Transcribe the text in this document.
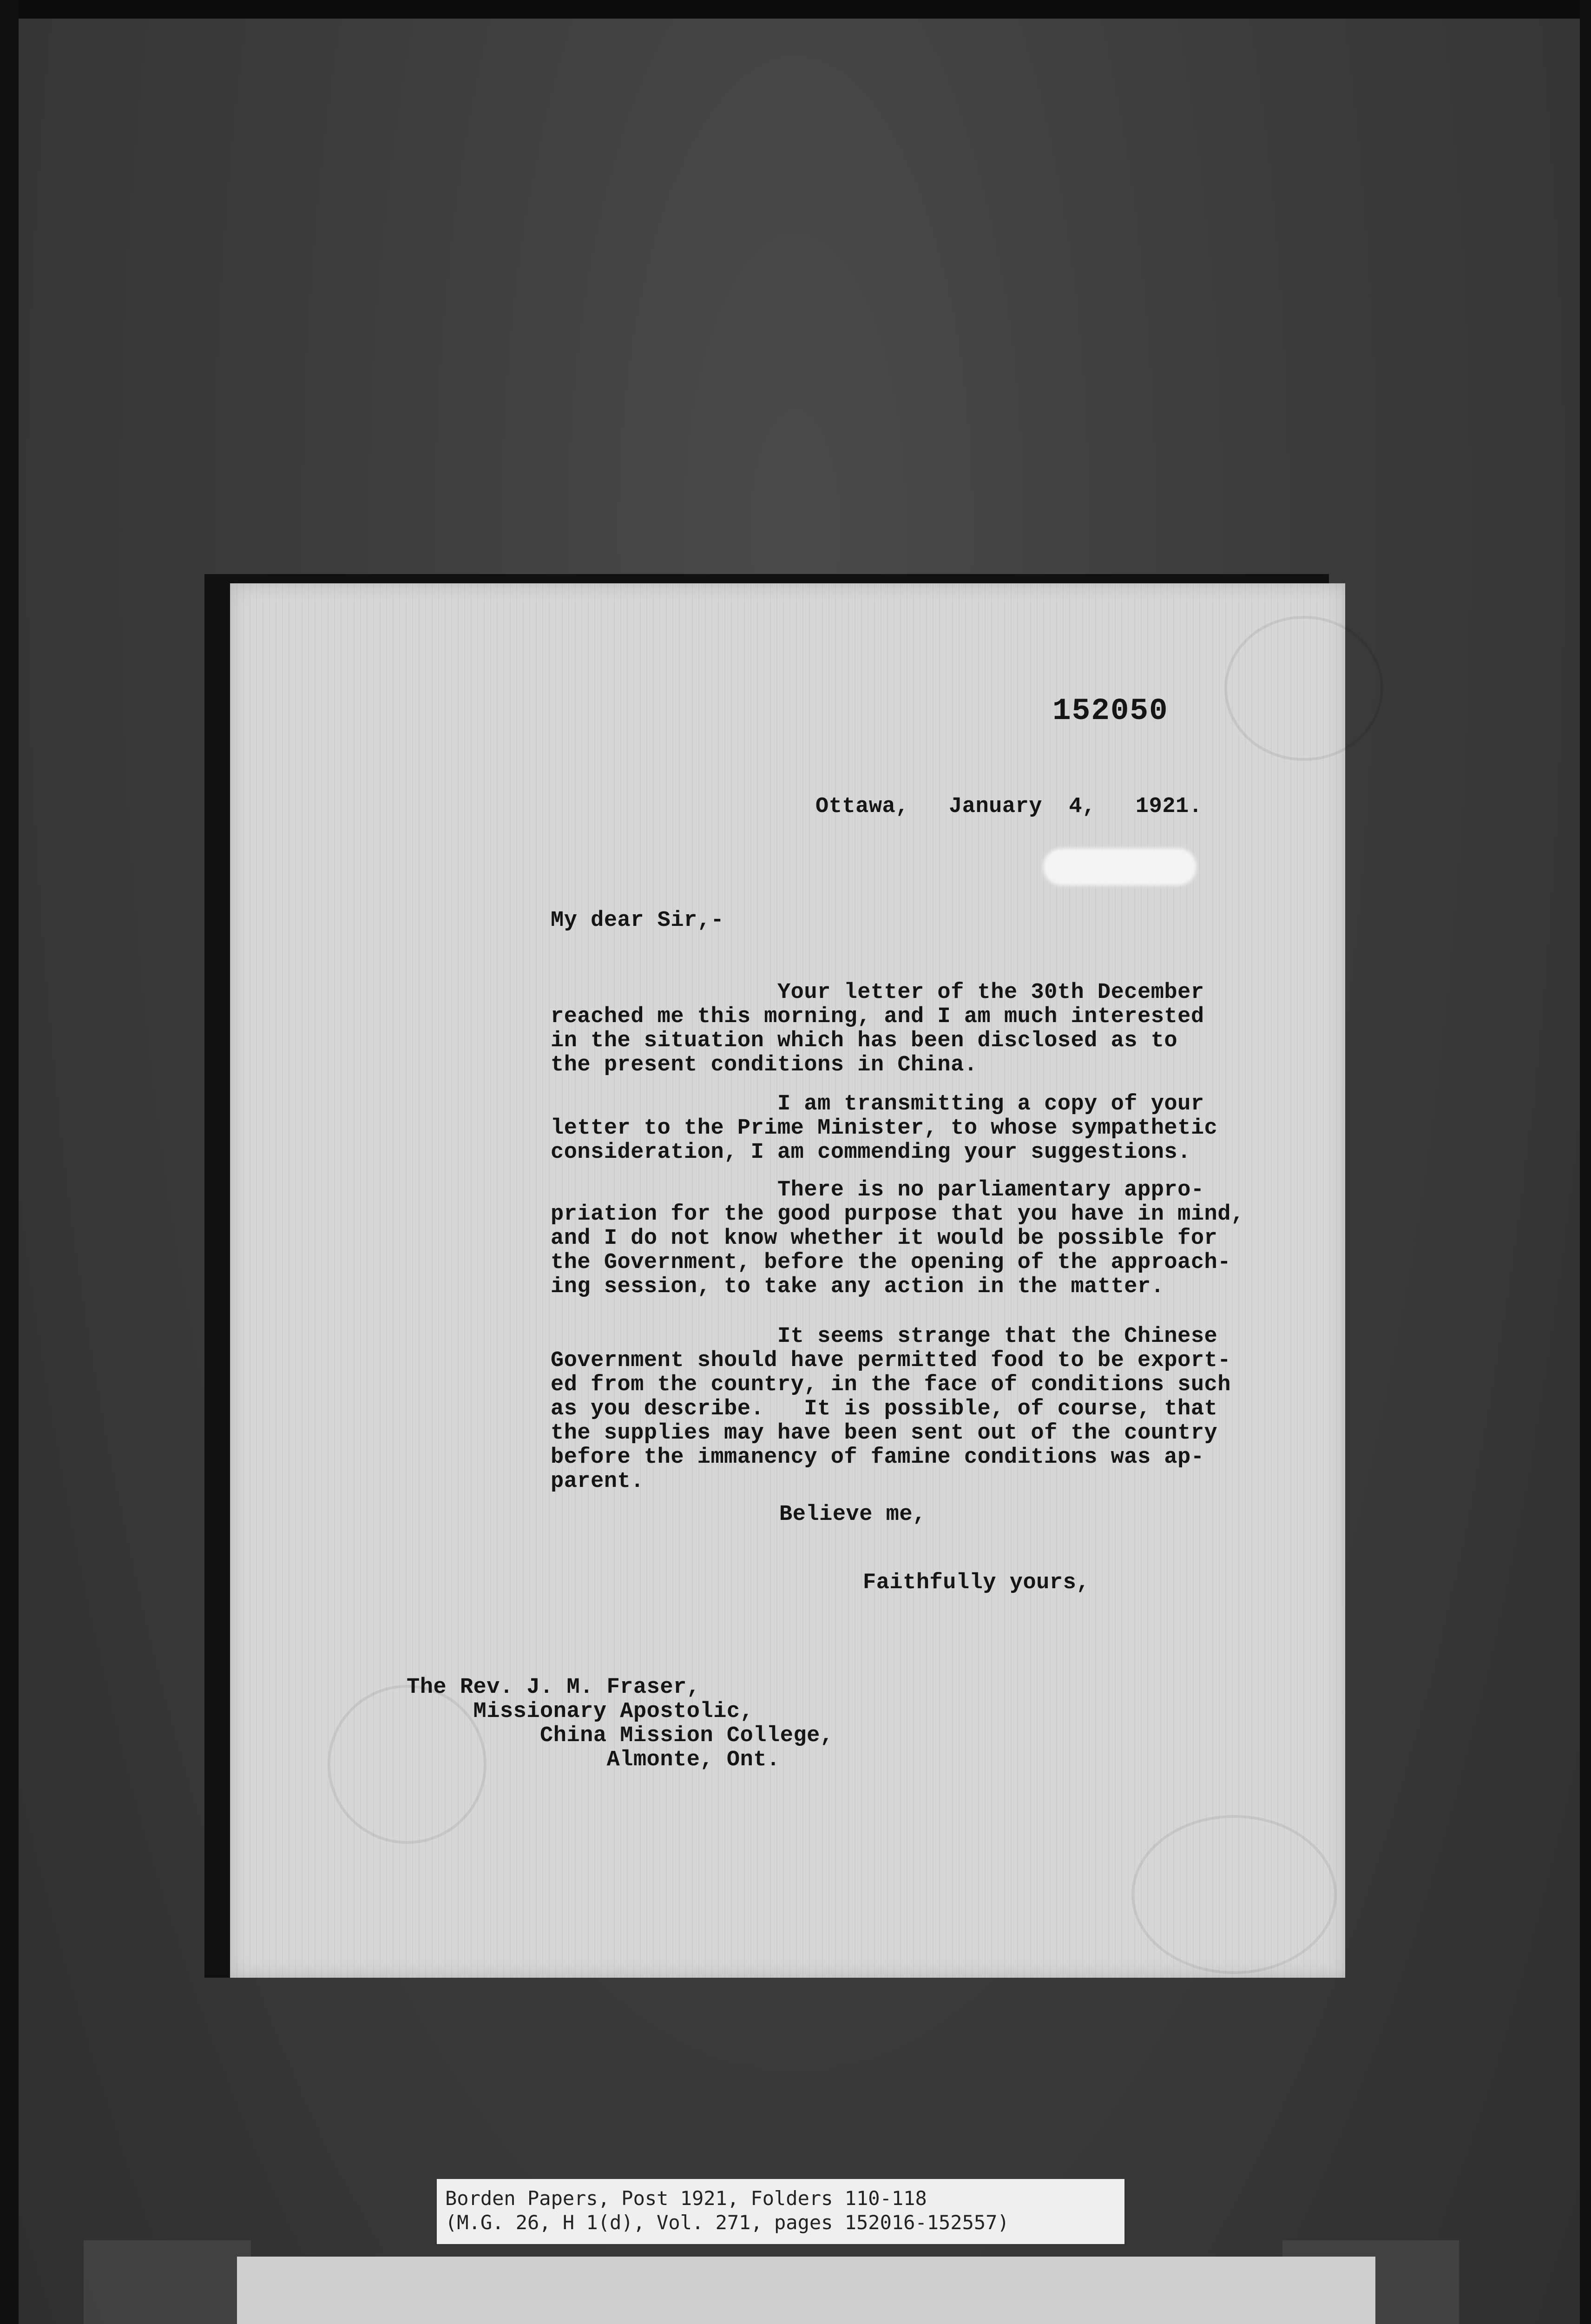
152050
Ottawa,   January  4,   1921.
My dear Sir,-
Your letter of the 30th December
reached me this morning, and I am much interested
in the situation which has been disclosed as to
the present conditions in China.
I am transmitting a copy of your
letter to the Prime Minister, to whose sympathetic
consideration, I am commending your suggestions.
There is no parliamentary appro-
priation for the good purpose that you have in mind,
and I do not know whether it would be possible for
the Government, before the opening of the approach-
ing session, to take any action in the matter.
It seems strange that the Chinese
Government should have permitted food to be export-
ed from the country, in the face of conditions such
as you describe.   It is possible, of course, that
the supplies may have been sent out of the country
before the immanency of famine conditions was ap-
parent.
Believe me,
Faithfully yours,
The Rev. J. M. Fraser,
Missionary Apostolic,
China Mission College,
Almonte, Ont.
Borden Papers, Post 1921, Folders 110-118
(M.G. 26, H 1(d), Vol. 271, pages 152016-152557)
